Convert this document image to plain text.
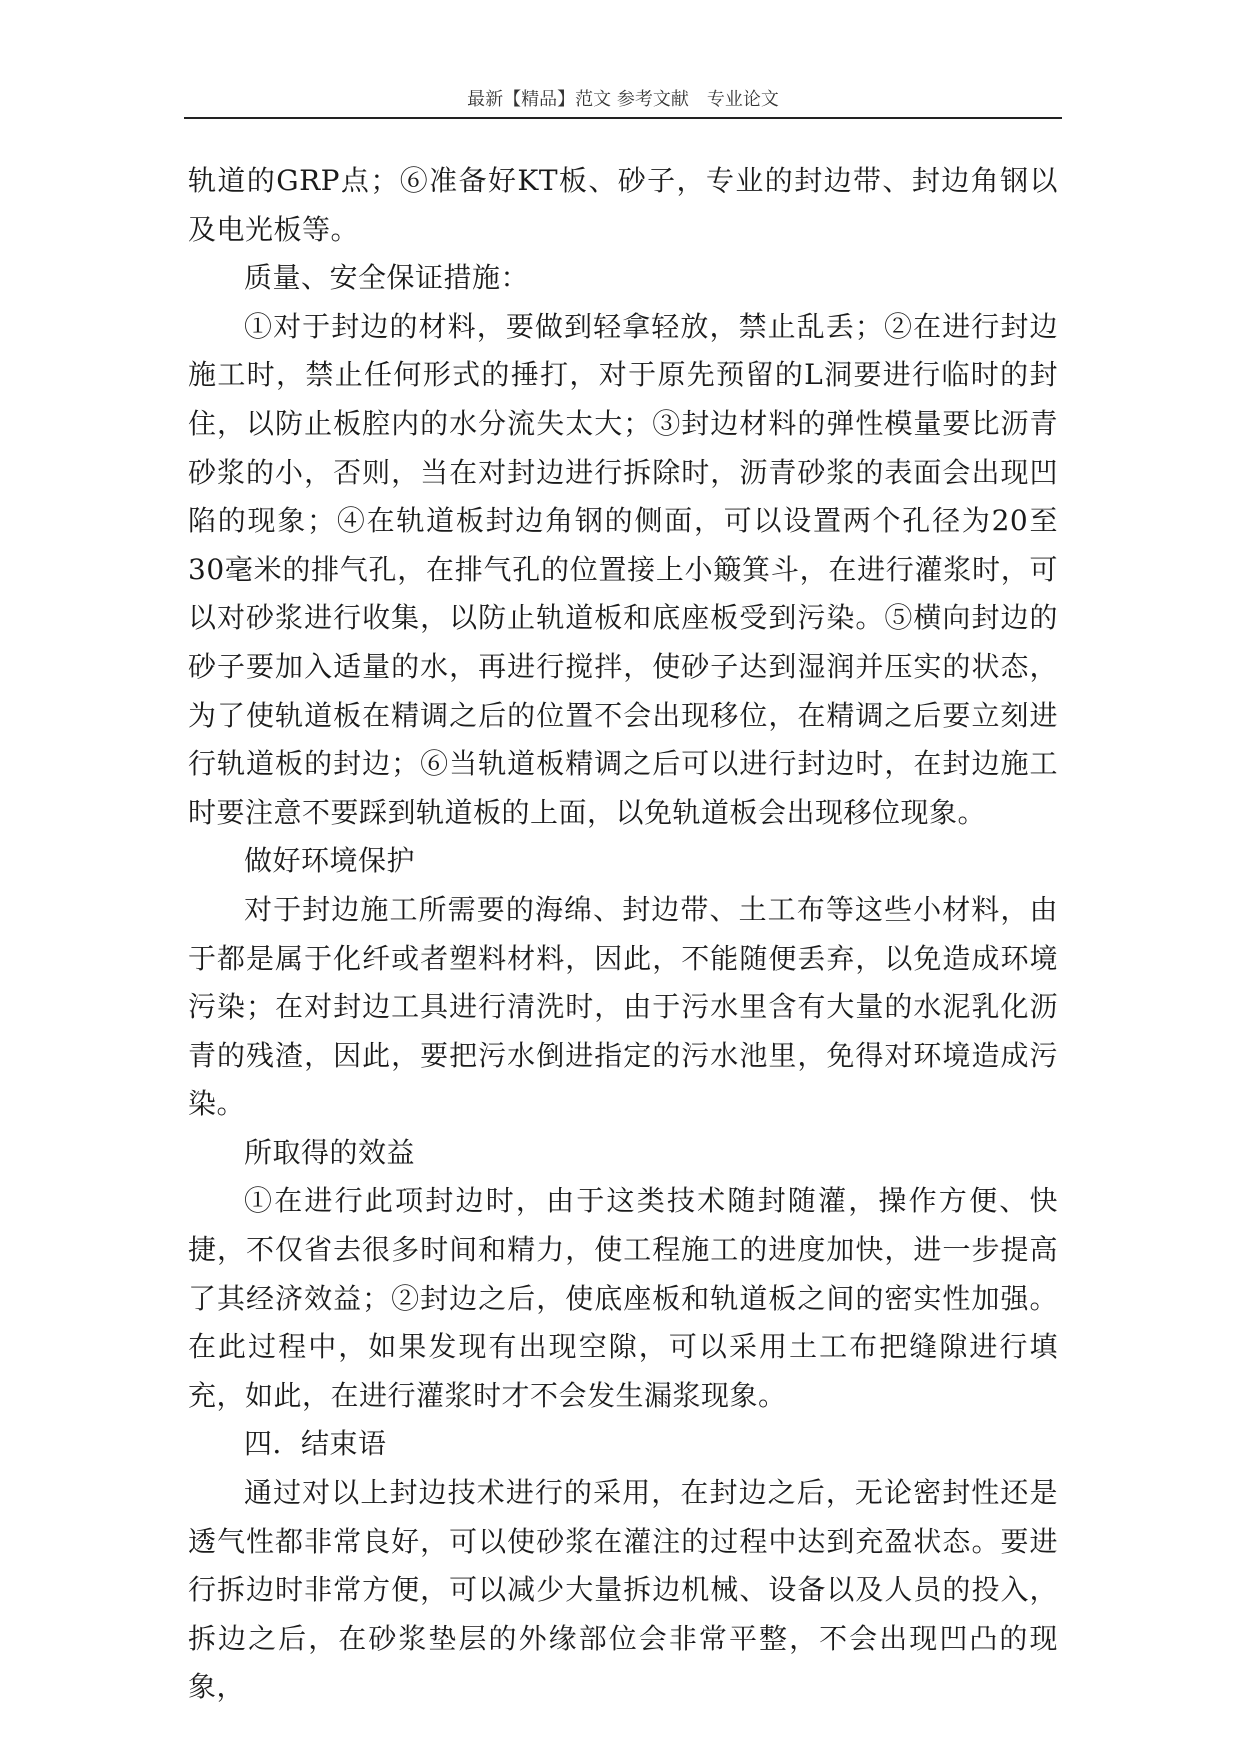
最新【精品】范文 参考文献　专业论文

轨道的GRP点；⑥准备好KT板、砂子，专业的封边带、封边角钢以及电光板等。

质量、安全保证措施：

①对于封边的材料，要做到轻拿轻放，禁止乱丢；②在进行封边施工时，禁止任何形式的捶打，对于原先预留的L洞要进行临时的封住，以防止板腔内的水分流失太大；③封边材料的弹性模量要比沥青砂浆的小，否则，当在对封边进行拆除时，沥青砂浆的表面会出现凹陷的现象；④在轨道板封边角钢的侧面，可以设置两个孔径为20至30毫米的排气孔，在排气孔的位置接上小簸箕斗，在进行灌浆时，可以对砂浆进行收集，以防止轨道板和底座板受到污染。⑤横向封边的砂子要加入适量的水，再进行搅拌，使砂子达到湿润并压实的状态，为了使轨道板在精调之后的位置不会出现移位，在精调之后要立刻进行轨道板的封边；⑥当轨道板精调之后可以进行封边时，在封边施工时要注意不要踩到轨道板的上面，以免轨道板会出现移位现象。

做好环境保护

对于封边施工所需要的海绵、封边带、土工布等这些小材料，由于都是属于化纤或者塑料材料，因此，不能随便丢弃，以免造成环境污染；在对封边工具进行清洗时，由于污水里含有大量的水泥乳化沥青的残渣，因此，要把污水倒进指定的污水池里，免得对环境造成污染。

所取得的效益

①在进行此项封边时，由于这类技术随封随灌，操作方便、快捷，不仅省去很多时间和精力，使工程施工的进度加快，进一步提高了其经济效益；②封边之后，使底座板和轨道板之间的密实性加强。在此过程中，如果发现有出现空隙，可以采用土工布把缝隙进行填充，如此，在进行灌浆时才不会发生漏浆现象。

四．结束语

通过对以上封边技术进行的采用，在封边之后，无论密封性还是透气性都非常良好，可以使砂浆在灌注的过程中达到充盈状态。要进行拆边时非常方便，可以减少大量拆边机械、设备以及人员的投入，拆边之后，在砂浆垫层的外缘部位会非常平整，不会出现凹凸的现象，
